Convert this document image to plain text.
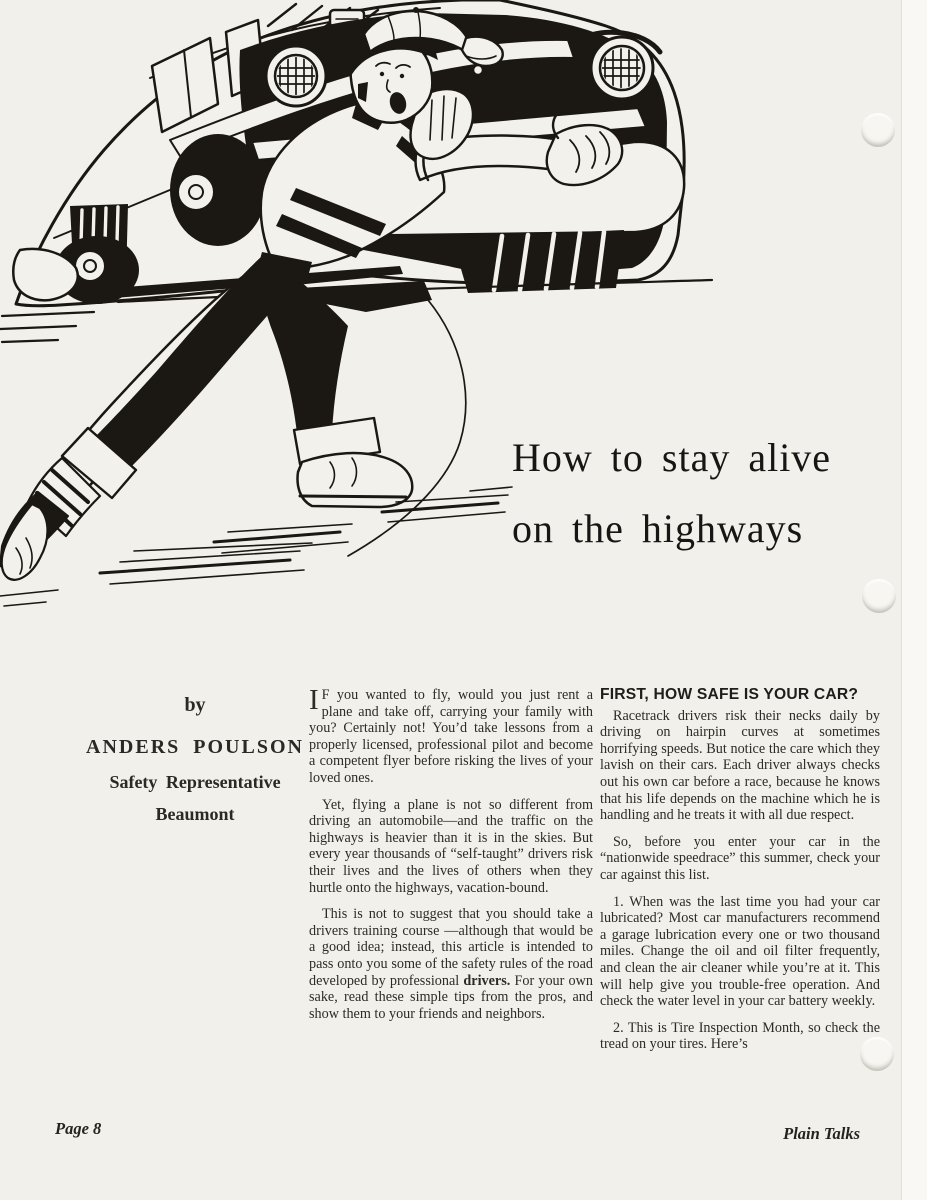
How to stay alive
on the highways
by
ANDERS POULSON
Safety Representative
Beaumont

I F you wanted to fly, would you just rent a plane and take off, carrying your family with you? Certainly not! You’d take lessons from a properly licensed, professional pilot and become a competent flyer before risking the lives of your loved ones.

Yet, flying a plane is not so different from driving an automobile—and the traffic on the highways is heavier than it is in the skies. But every year thousands of “self-taught” drivers risk their lives and the lives of others when they hurtle onto the highways, vacation-bound.

This is not to suggest that you should take a drivers training course —although that would be a good idea; instead, this article is intended to pass onto you some of the safety rules of the road developed by professional drivers. For your own sake, read these simple tips from the pros, and show them to your friends and neighbors.

FIRST, HOW SAFE IS YOUR CAR?

Racetrack drivers risk their necks daily by driving on hairpin curves at sometimes horrifying speeds. But notice the care which they lavish on their cars. Each driver always checks out his own car before a race, because he knows that his life depends on the machine which he is handling and he treats it with all due respect.

So, before you enter your car in the “nationwide speedrace” this summer, check your car against this list.

1. When was the last time you had your car lubricated? Most car manufacturers recommend a garage lubrication every one or two thousand miles. Change the oil and oil filter frequently, and clean the air cleaner while you’re at it. This will help give you trouble-free operation. And check the water level in your car battery weekly.

2. This is Tire Inspection Month, so check the tread on your tires. Here’s

Page 8	Plain Talks
